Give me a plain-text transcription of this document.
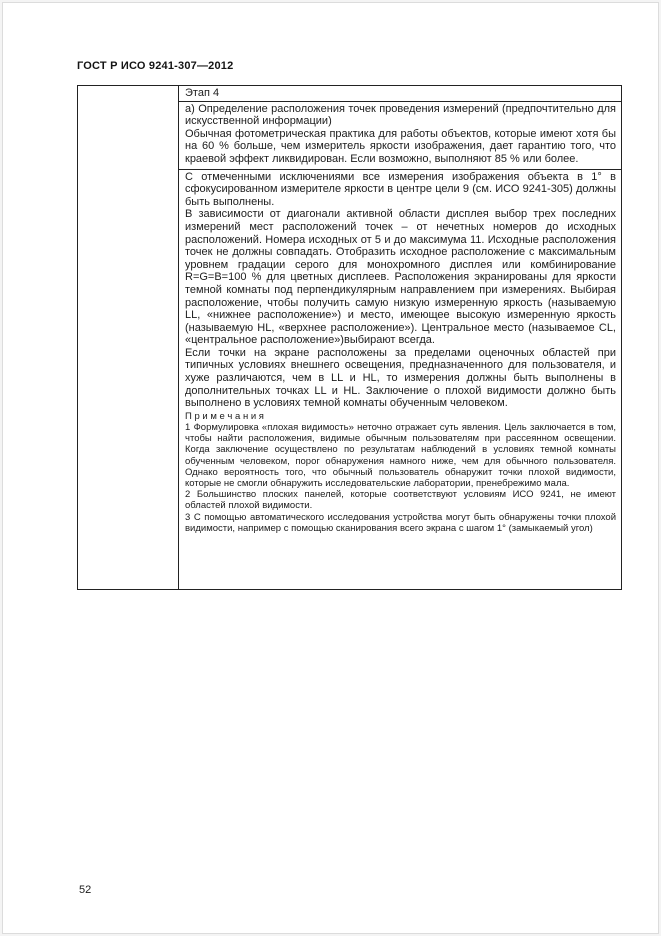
ГОСТ Р ИСО 9241-307—2012
Этап 4

а) Определение расположения точек проведения измерений (предпочтительно для искусственной информации)

Обычная фотометрическая практика для работы объектов, которые имеют хотя бы на 60 % больше, чем измеритель яркости изображения, дает гарантию того, что краевой эффект ликвидирован. Если возможно, выполняют 85 % или более.

С отмеченными исключениями все измерения изображения объекта в 1° в сфокусированном измерителе яркости в центре цели 9 (см. ИСО 9241-305) должны быть выполнены.

В зависимости от диагонали активной области дисплея выбор трех последних измерений мест расположений точек – от нечетных номеров до исходных расположений. Номера исходных от 5 и до максимума 11. Исходные расположения точек не должны совпадать. Отобразить исходное расположение с максимальным уровнем градации серого для монохромного дисплея или комбинирование R=G=B=100 % для цветных дисплеев. Расположения экранированы для яркости темной комнаты под перпендикулярным направлением при измерениях. Выбирая расположение, чтобы получить самую низкую измеренную яркость (называемую LL, «нижнее расположение») и место, имеющее высокую измеренную яркость (называемую HL, «верхнее расположение»). Центральное место (называемое CL, «центральное расположение»)выбирают всегда.

Если точки на экране расположены за пределами оценочных областей при типичных условиях внешнего освещения, предназначенного для пользователя, и хуже различаются, чем в LL и HL, то измерения должны быть выполнены в дополнительных точках LL и HL. Заключение о плохой видимости должно быть выполнено в условиях темной комнаты обученным человеком.

П р и м е ч а н и я

1 Формулировка «плохая видимость» неточно отражает суть явления. Цель заключается в том, чтобы найти расположения, видимые обычным пользователям при рассеянном освещении. Когда заключение осуществлено по результатам наблюдений в условиях темной комнаты обученным человеком, порог обнаружения намного ниже, чем для обычного пользователя. Однако вероятность того, что обычный пользователь обнаружит точки плохой видимости, которые не смогли обнаружить исследовательские лаборатории, пренебрежимо мала.

2 Большинство плоских панелей, которые соответствуют условиям ИСО 9241, не имеют областей плохой видимости.

3 С помощью автоматического исследования устройства могут быть обнаружены точки плохой видимости, например с помощью сканирования всего экрана с шагом 1° (замыкаемый угол)

52
